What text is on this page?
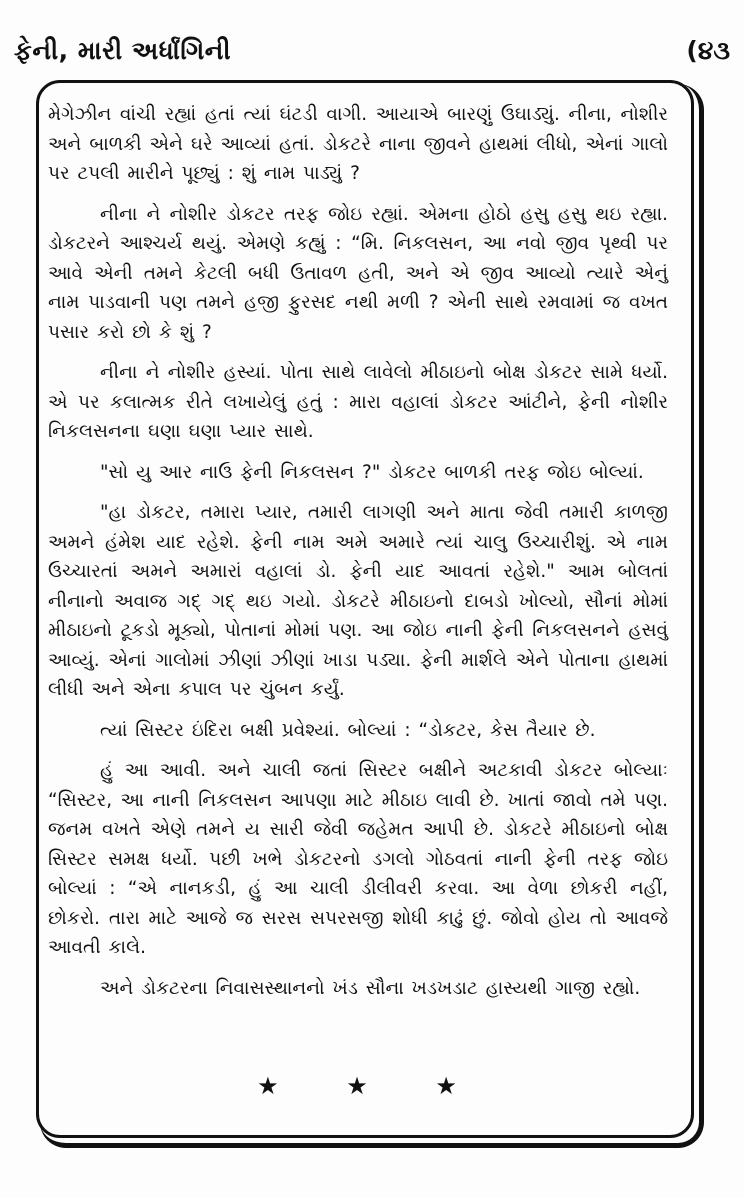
ફેની, મારી અર્ધાંગિની	(૪૩

મેગેઝીન વાંચી રહ્યાં હતાં ત્યાં ઘંટડી વાગી. આયાએ બારણું ઉઘાડ્યું. નીના, નોશીર અને બાળકી એને ઘરે આવ્યાં હતાં. ડોકટરે નાના જીવને હાથમાં લીધો, એનાં ગાલો પર ટપલી મારીને પૂછ્યું : શું નામ પાડ્યું ?

નીના ને નોશીર ડોકટર તરફ જોઇ રહ્યાં. એમના હોઠો હસુ હસુ થઇ રહ્યા. ડોકટરને આશ્ચર્ય થયું. એમણે કહ્યું : “મિ. નિકલસન, આ નવો જીવ પૃથ્વી પર આવે એની તમને કેટલી બધી ઉતાવળ હતી, અને એ જીવ આવ્યો ત્યારે એનું નામ પાડવાની પણ તમને હજી ફુરસદ નથી મળી ? એની સાથે રમવામાં જ વખત પસાર કરો છો કે શું ?

નીના ને નોશીર હસ્યાં. પોતા સાથે લાવેલો મીઠાઇનો બોક્ષ ડોકટર સામે ધર્યો. એ પર કલાત્મક રીતે લખાયેલું હતું : મારા વહાલાં ડોકટર આંટીને, ફેની નોશીર નિકલસનના ઘણા ઘણા પ્યાર સાથે.

"સો યુ આર નાઉ ફેની નિકલસન ?" ડોકટર બાળકી તરફ જોઇ બોલ્યાં.

"હા ડોકટર, તમારા પ્યાર, તમારી લાગણી અને માતા જેવી તમારી કાળજી અમને હંમેશ યાદ રહેશે. ફેની નામ અમે અમારે ત્યાં ચાલુ ઉચ્ચારીશું. એ નામ ઉચ્ચારતાં અમને અમારાં વહાલાં ડો. ફેની યાદ આવતાં રહેશે." આમ બોલતાં નીનાનો અવાજ ગદ્ ગદ્ થઇ ગયો. ડોકટરે મીઠાઇનો દાબડો ખોલ્યો, સૌનાં મોમાં મીઠાઇનો ટૂકડો મૂક્યો, પોતાનાં મોમાં પણ. આ જોઇ નાની ફેની નિકલસનને હસવું આવ્યું. એનાં ગાલોમાં ઝીણાં ઝીણાં ખાડા પડ્યા. ફેની માર્શલે એને પોતાના હાથમાં લીધી અને એના કપાલ પર ચુંબન કર્યું.

ત્યાં સિસ્ટર ઇંદિરા બક્ષી પ્રવેશ્યાં. બોલ્યાં : “ડોકટર, કેસ તૈયાર છે.

હું આ આવી. અને ચાલી જતાં સિસ્ટર બક્ષીને અટકાવી ડોકટર બોલ્યાઃ “સિસ્ટર, આ નાની નિકલસન આપણા માટે મીઠાઇ લાવી છે. ખાતાં જાવો તમે પણ. જનમ વખતે એણે તમને ય સારી જેવી જહેમત આપી છે. ડોકટરે મીઠાઇનો બોક્ષ સિસ્ટર સમક્ષ ધર્યો. પછી ખભે ડોકટરનો ડગલો ગોઠવતાં નાની ફેની તરફ જોઇ બોલ્યાં : “એ નાનકડી, હું આ ચાલી ડીલીવરી કરવા. આ વેળા છોકરી નહીં, છોકરો. તારા માટે આજે જ સરસ સપરસજી શોધી કાઢું છું. જોવો હોય તો આવજે આવતી કાલે.

અને ડોકટરના નિવાસસ્થાનનો ખંડ સૌના ખડખડાટ હાસ્યથી ગાજી રહ્યો.

★ ★ ★
